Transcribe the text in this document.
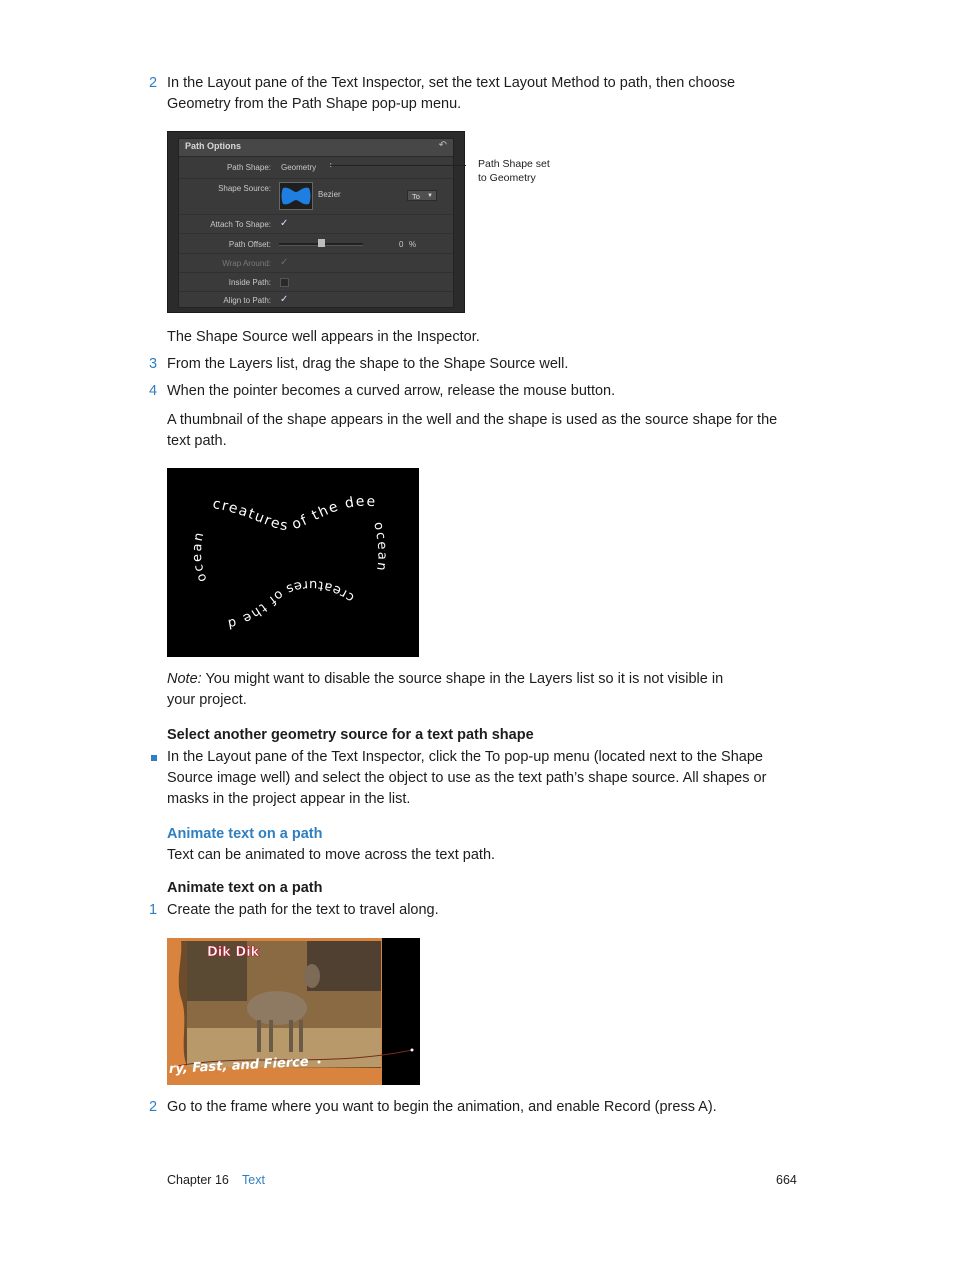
2 In the Layout pane of the Text Inspector, set the text Layout Method to path, then choose
Geometry from the Path Shape pop-up menu.
Path Options	↶
Path Shape: Geometry
Shape Source:
Bezier	To ▼
Attach To Shape: ✓
Path Offset:	0 %
Wrap Around: ✓
Inside Path:
Align to Path: ✓
Path Shape set
to Geometry
The Shape Source well appears in the Inspector.
3 From the Layers list, drag the shape to the Shape Source well.
4 When the pointer becomes a curved arrow, release the mouse button.
A thumbnail of the shape appears in the well and the shape is used as the source shape for the
text path.
creatures of the dee
ocean
creatures of the d
ocean
Note: You might want to disable the source shape in the Layers list so it is not visible in
your project.
Select another geometry source for a text path shape
In the Layout pane of the Text Inspector, click the To pop-up menu (located next to the Shape
Source image well) and select the object to use as the text path’s shape source. All shapes or
masks in the project appear in the list.
Animate text on a path
Text can be animated to move across the text path.
Animate text on a path
1 Create the path for the text to travel along.
Dik Dik
ry, Fast, and Fierce
2 Go to the frame where you want to begin the animation, and enable Record (press A).
Chapter 16 Text	664
